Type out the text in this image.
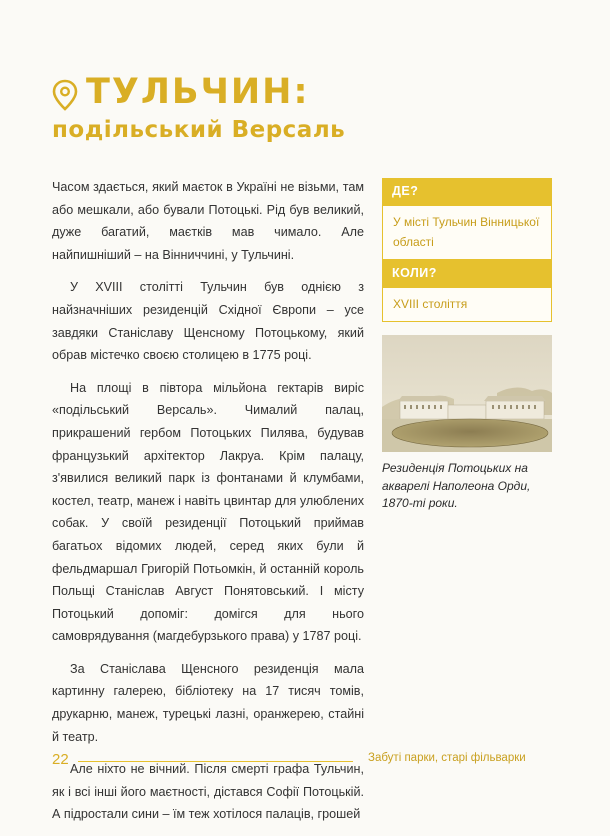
ТУЛЬЧИН:
подільський Версаль

Часом здається, який маєток в Україні не візьми, там або мешкали, або бували Потоцькі. Рід був великий, дуже багатий, маєтків мав чимало. Але найпишніший – на Вінниччині, у Тульчині.

У XVIII столітті Тульчин був однією з найзначніших резиденцій Східної Європи – усе завдяки Станіславу Щенсному Потоцькому, який обрав містечко своєю столицею в 1775 році.

На площі в півтора мільйона гектарів виріс «подільський Версаль». Чималий палац, прикрашений гербом Потоцьких Пилява, будував французький архітектор Лакруа. Крім палацу, з'явилися великий парк із фонтанами й клумбами, костел, театр, манеж і навіть цвинтар для улюблених собак. У своїй резиденції Потоцький приймав багатьох відомих людей, серед яких були й фельдмаршал Григорій Потьомкін, й останній король Польщі Станіслав Август Понятовський. І місту Потоцький допоміг: домігся для нього самоврядування (магдебурзького права) у 1787 році.

За Станіслава Щенсного резиденція мала картинну галерею, бібліотеку на 17 тисяч томів, друкарню, манеж, турецькі лазні, оранжерею, стайні й театр.

Але ніхто не вічний. Після смерті графа Тульчин, як і всі інші його маєтності, дістався Софії Потоцькій. А підростали сини – їм теж хотілося палаців, грошей

ДЕ?
У місті Тульчин Вінницької області
КОЛИ?
XVIII століття
Резиденція Потоцьких на акварелі Наполеона Орди, 1870-ті роки.
22	Забуті парки, старі фільварки
